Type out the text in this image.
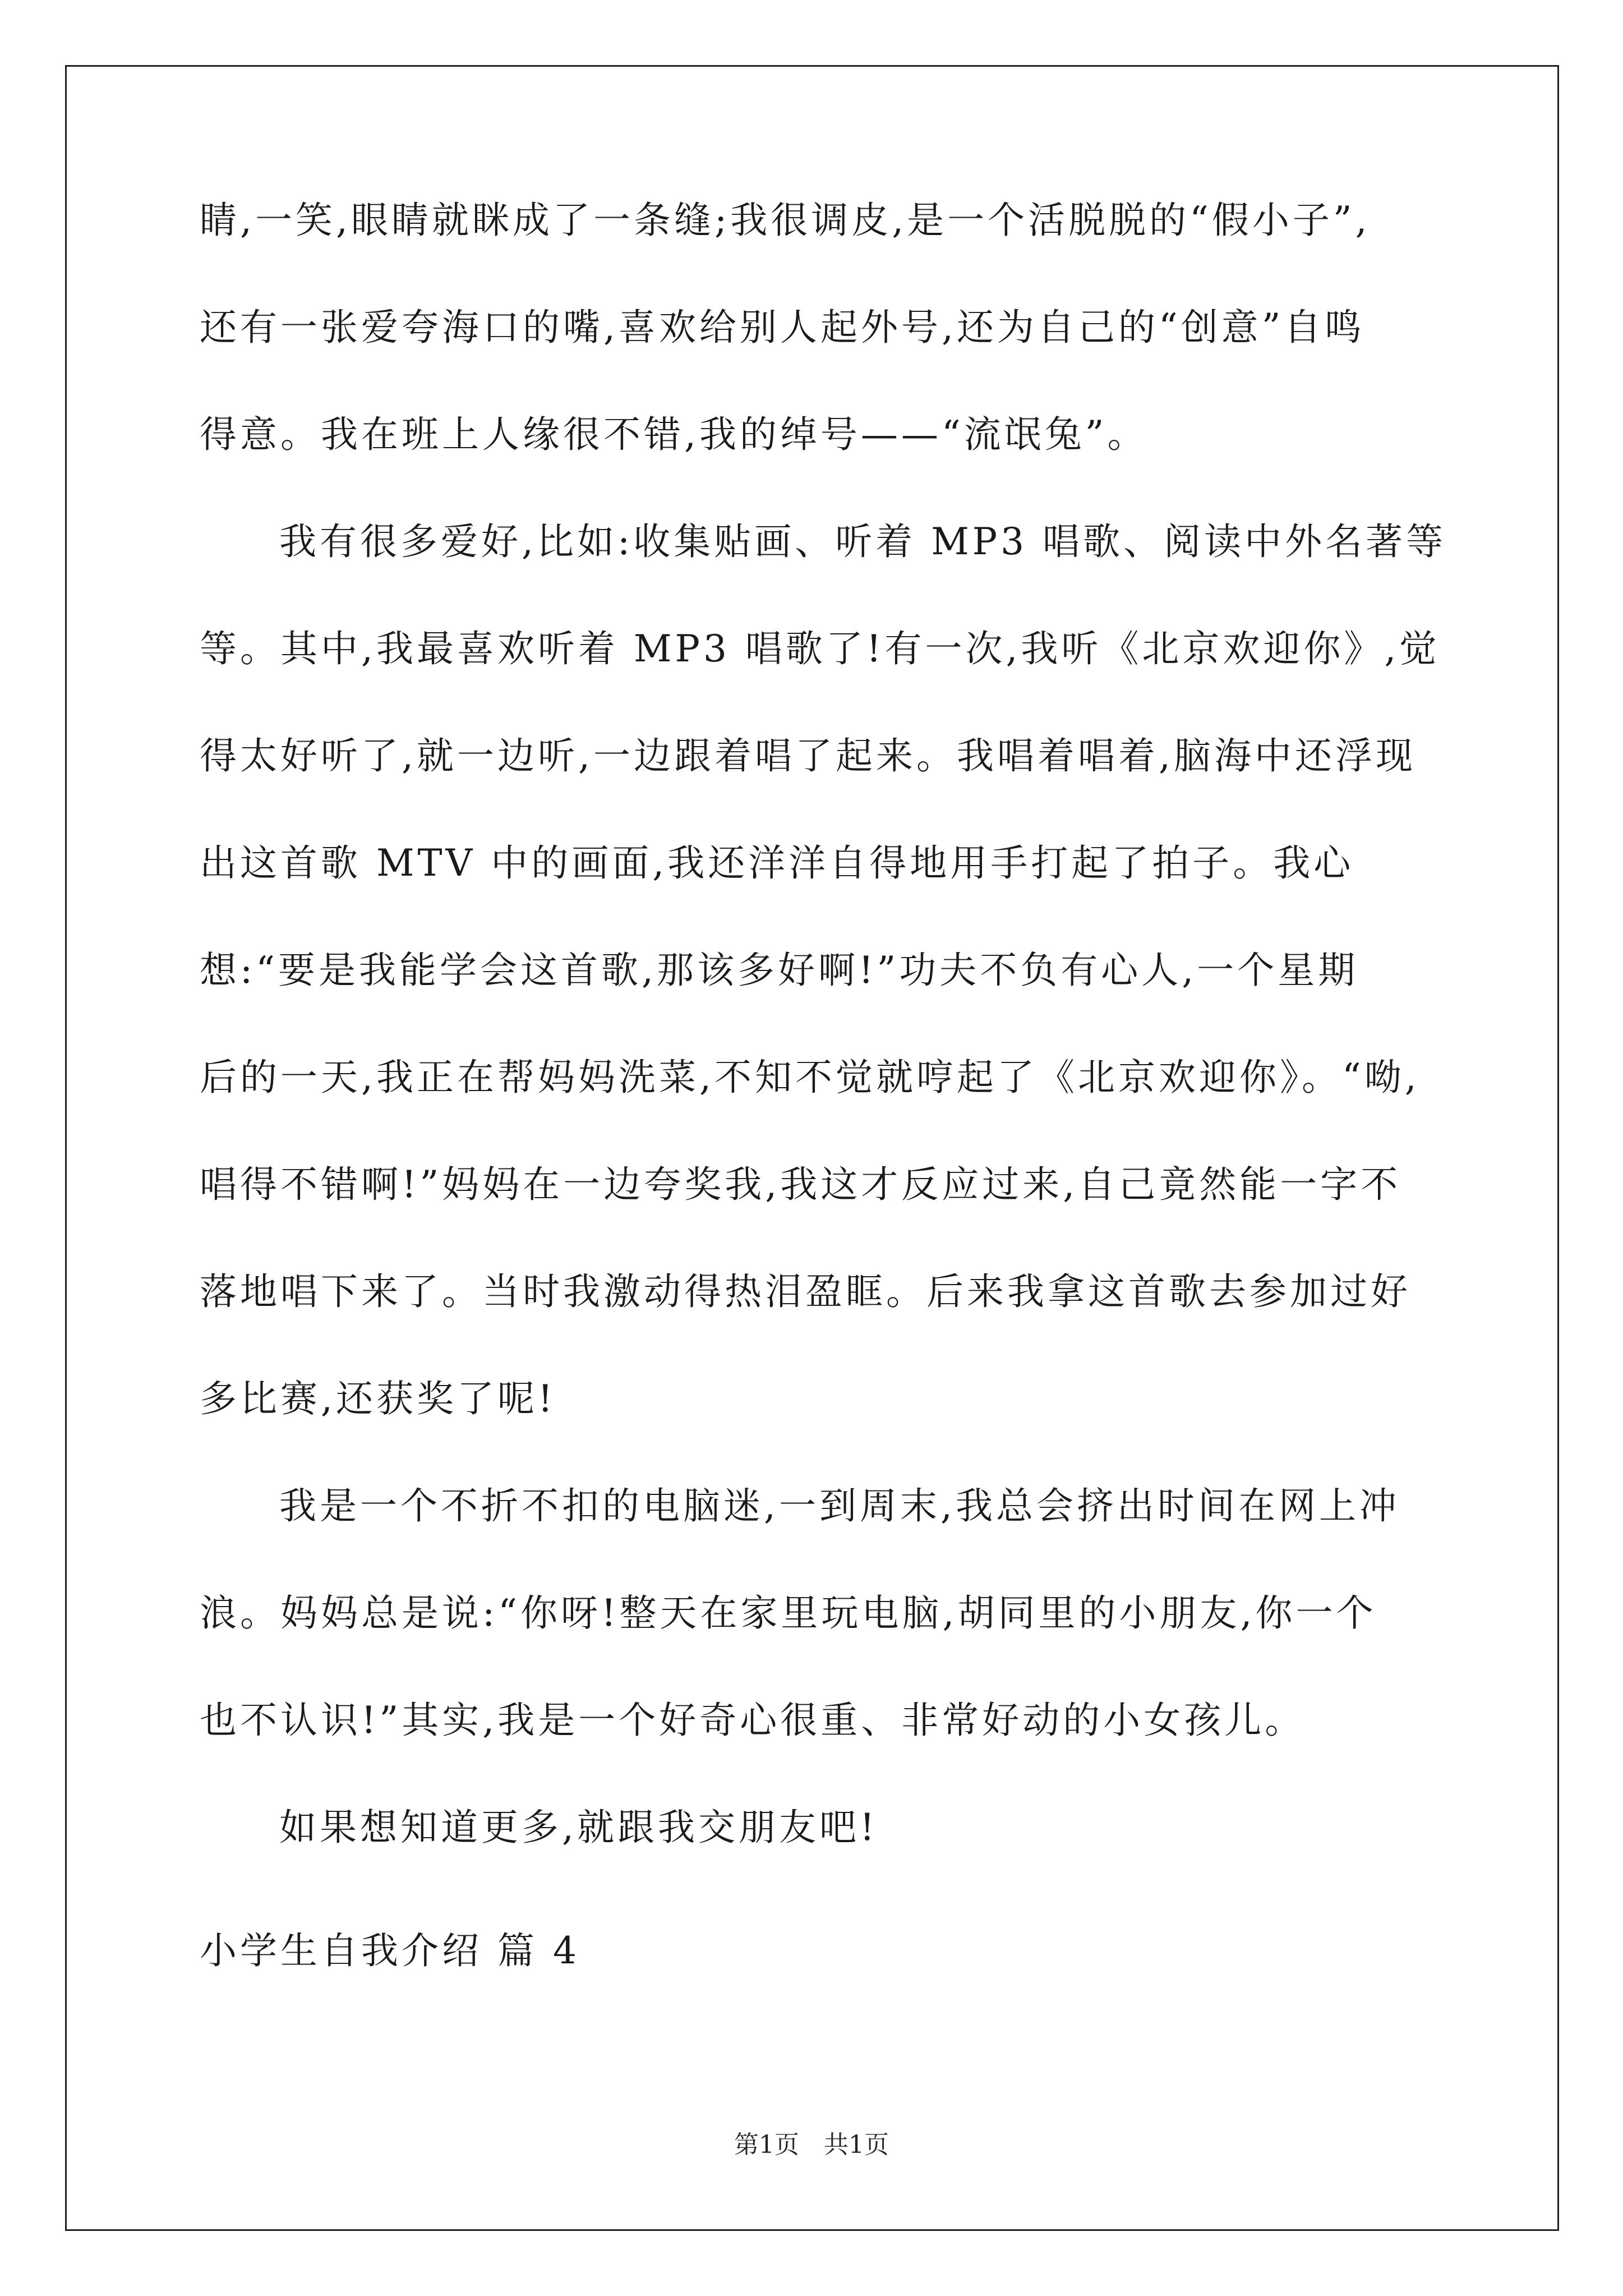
睛,一笑,眼睛就眯成了一条缝;我很调皮,是一个活脱脱的“假小子”,
还有一张爱夸海口的嘴,喜欢给别人起外号,还为自己的“创意”自鸣
得意。我在班上人缘很不错,我的绰号——“流氓兔”。
我有很多爱好,比如:收集贴画、听着 MP3 唱歌、阅读中外名著等
等。其中,我最喜欢听着 MP3 唱歌了!有一次,我听《北京欢迎你》,觉
得太好听了,就一边听,一边跟着唱了起来。我唱着唱着,脑海中还浮现
出这首歌 MTV 中的画面,我还洋洋自得地用手打起了拍子。我心
想:“要是我能学会这首歌,那该多好啊!”功夫不负有心人,一个星期
后的一天,我正在帮妈妈洗菜,不知不觉就哼起了《北京欢迎你》。“呦,
唱得不错啊!”妈妈在一边夸奖我,我这才反应过来,自己竟然能一字不
落地唱下来了。当时我激动得热泪盈眶。后来我拿这首歌去参加过好
多比赛,还获奖了呢!
我是一个不折不扣的电脑迷,一到周末,我总会挤出时间在网上冲
浪。妈妈总是说:“你呀!整天在家里玩电脑,胡同里的小朋友,你一个
也不认识!”其实,我是一个好奇心很重、非常好动的小女孩儿。
如果想知道更多,就跟我交朋友吧!
小学生自我介绍 篇 4
第1页　共1页
